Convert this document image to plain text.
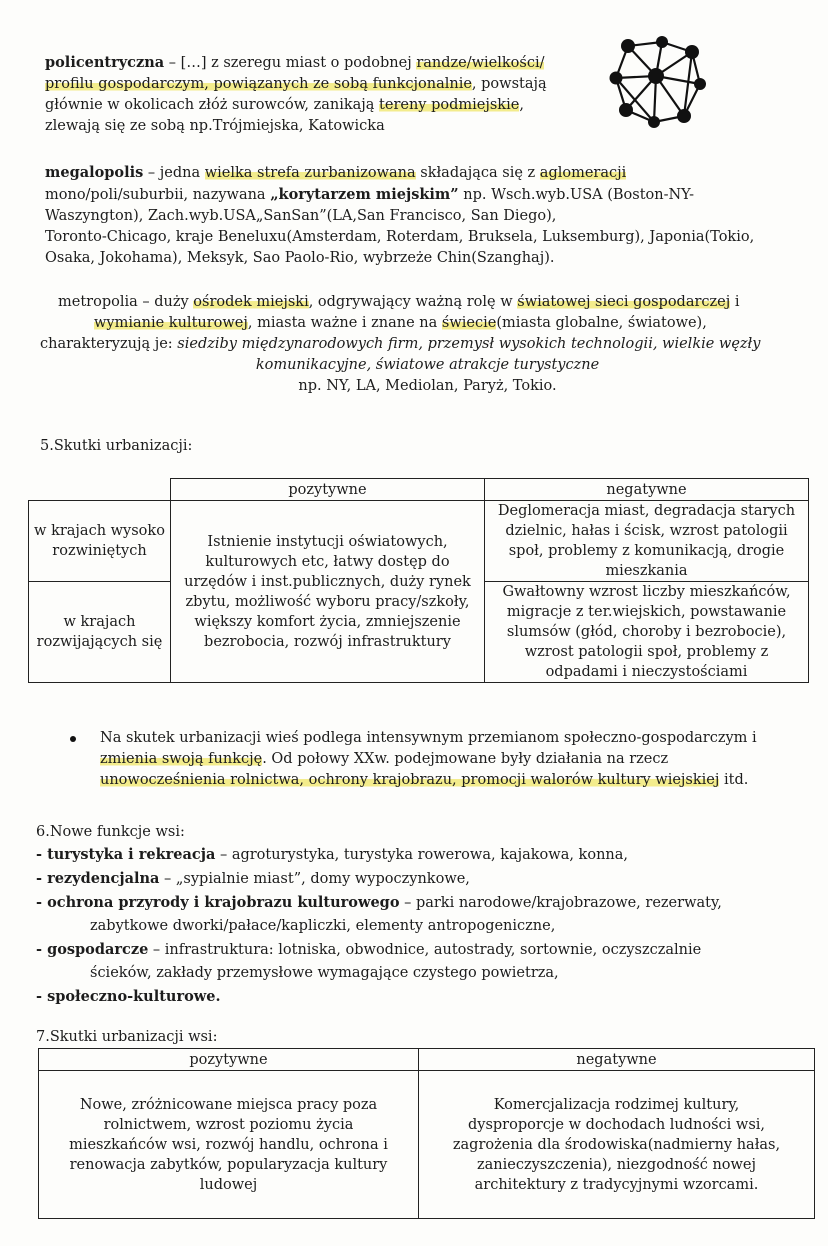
policentryczna – […] z szeregu miast o podobnej randze/wielkości/
profilu gospodarczym, powiązanych ze sobą funkcjonalnie, powstają
głównie w okolicach złóż surowców, zanikają tereny podmiejskie,
zlewają się ze sobą np.Trójmiejska, Katowicka
megalopolis – jedna wielka strefa zurbanizowana składająca się z aglomeracji
mono/poli/suburbii, nazywana „korytarzem miejskim” np. Wsch.wyb.USA (Boston-NY-
Waszyngton), Zach.wyb.USA„SanSan”(LA,San Francisco, San Diego),
Toronto-Chicago, kraje Beneluxu(Amsterdam, Roterdam, Bruksela, Luksemburg), Japonia(Tokio,
Osaka, Jokohama), Meksyk, Sao Paolo-Rio, wybrzeże Chin(Szanghaj).
metropolia – duży ośrodek miejski, odgrywający ważną rolę w światowej sieci gospodarczej i
wymianie kulturowej, miasta ważne i znane na świecie(miasta globalne, światowe),
charakteryzują je: siedziby międzynarodowych firm, przemysł wysokich technologii, wielkie węzły
komunikacyjne, światowe atrakcje turystyczne
np. NY, LA, Mediolan, Paryż, Tokio.
5.Skutki urbanizacji:
	pozytywne	negatywne
w krajach wysoko rozwiniętych	Istnienie instytucji oświatowych, kulturowych etc, łatwy dostęp do urzędów i inst.publicznych, duży rynek zbytu, możliwość wyboru pracy/szkoły, większy komfort życia, zmniejszenie bezrobocia, rozwój infrastruktury	Deglomeracja miast, degradacja starych dzielnic, hałas i ścisk, wzrost patologii społ, problemy z komunikacją, drogie mieszkania
w krajach rozwijających się		Gwałtowny wzrost liczby mieszkańców, migracje z ter.wiejskich, powstawanie slumsów (głód, choroby i bezrobocie), wzrost patologii społ, problemy z odpadami i nieczystościami
Na skutek urbanizacji wieś podlega intensywnym przemianom społeczno-gospodarczym i
zmienia swoją funkcję. Od połowy XXw. podejmowane były działania na rzecz
unowocześnienia rolnictwa, ochrony krajobrazu, promocji walorów kultury wiejskiej itd.
6.Nowe funkcje wsi:
- turystyka i rekreacja – agroturystyka, turystyka rowerowa, kajakowa, konna,
- rezydencjalna – „sypialnie miast”, domy wypoczynkowe,
- ochrona przyrody i krajobrazu kulturowego – parki narodowe/krajobrazowe, rezerwaty,
zabytkowe dworki/pałace/kapliczki, elementy antropogeniczne,
- gospodarcze – infrastruktura: lotniska, obwodnice, autostrady, sortownie, oczyszczalnie
ścieków, zakłady przemysłowe wymagające czystego powietrza,
- społeczno-kulturowe.
7.Skutki urbanizacji wsi:
pozytywne	negatywne
Nowe, zróżnicowane miejsca pracy poza rolnictwem, wzrost poziomu życia mieszkańców wsi, rozwój handlu, ochrona i renowacja zabytków, popularyzacja kultury ludowej	Komercjalizacja rodzimej kultury, dysproporcje w dochodach ludności wsi, zagrożenia dla środowiska(nadmierny hałas, zanieczyszczenia), niezgodność nowej architektury z tradycyjnymi wzorcami.
